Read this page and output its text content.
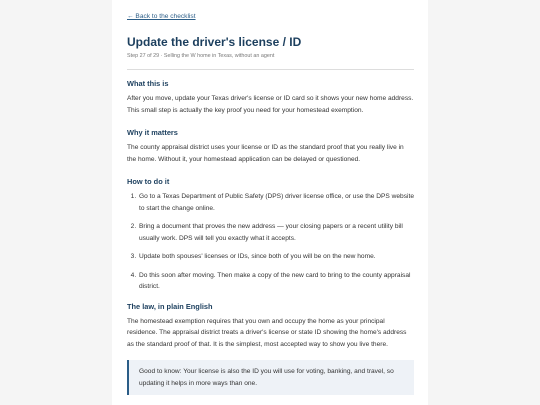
← Back to the checklist
Update the driver's license / ID
Step 27 of 29 · Selling the W home in Texas, without an agent
What this is

After you move, update your Texas driver's license or ID card so it shows your new home address. This small step is actually the key proof you need for your homestead exemption.

Why it matters

The county appraisal district uses your license or ID as the standard proof that you really live in the home. Without it, your homestead application can be delayed or questioned.

How to do it
1. Go to a Texas Department of Public Safety (DPS) driver license office, or use the DPS website to start the change online.
2. Bring a document that proves the new address — your closing papers or a recent utility bill usually work. DPS will tell you exactly what it accepts.
3. Update both spouses' licenses or IDs, since both of you will be on the new home.
4. Do this soon after moving. Then make a copy of the new card to bring to the county appraisal district.
The law, in plain English

The homestead exemption requires that you own and occupy the home as your principal residence. The appraisal district treats a driver's license or state ID showing the home's address as the standard proof of that. It is the simplest, most accepted way to show you live there.

Good to know: Your license is also the ID you will use for voting, banking, and travel, so updating it helps in more ways than one.
